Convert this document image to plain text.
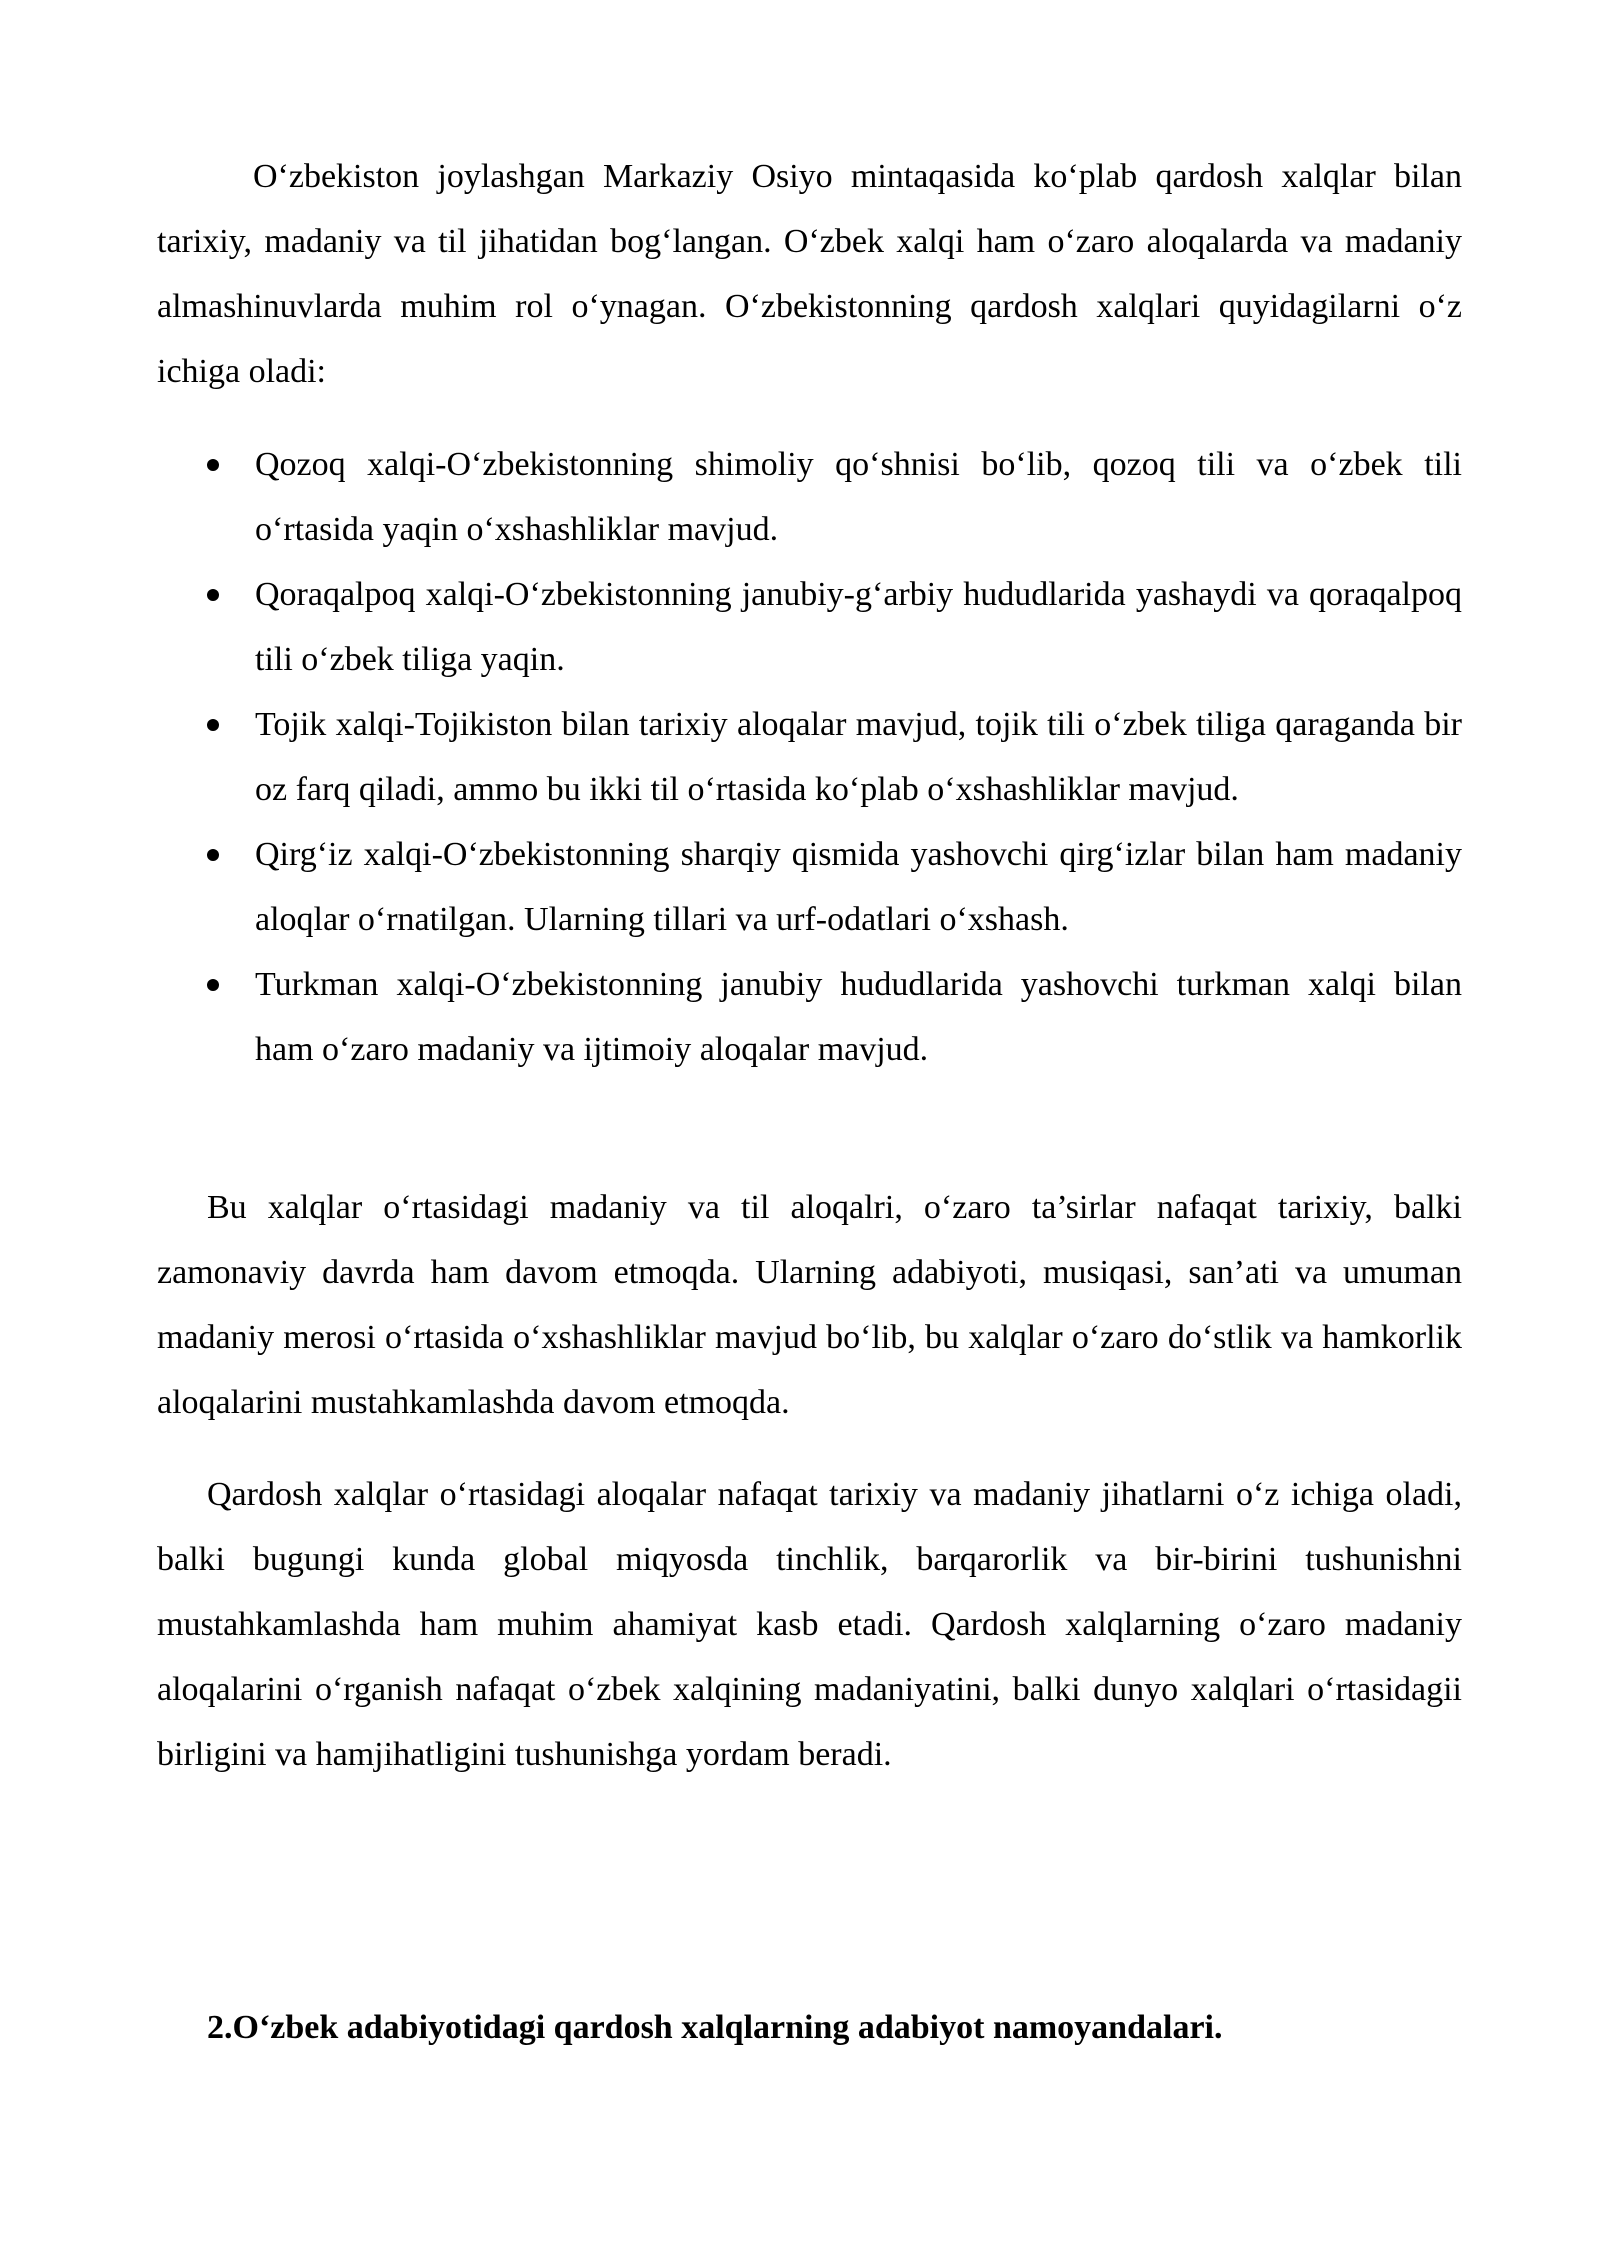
O‘zbekiston joylashgan Markaziy Osiyo mintaqasida ko‘plab qardosh xalqlar bilan tarixiy, madaniy va til jihatidan bog‘langan. O‘zbek xalqi ham o‘zaro aloqalarda va madaniy almashinuvlarda muhim rol o‘ynagan. O‘zbekistonning qardosh xalqlari quyidagilarni o‘z ichiga oladi:

Qozoq xalqi-O‘zbekistonning shimoliy qo‘shnisi bo‘lib, qozoq tili va o‘zbek tili o‘rtasida yaqin o‘xshashliklar mavjud.
Qoraqalpoq xalqi-O‘zbekistonning janubiy-g‘arbiy hududlarida yashaydi va qoraqalpoq tili o‘zbek tiliga yaqin.
Tojik xalqi-Tojikiston bilan tarixiy aloqalar mavjud, tojik tili o‘zbek tiliga qaraganda bir oz farq qiladi, ammo bu ikki til o‘rtasida ko‘plab o‘xshashliklar mavjud.
Qirg‘iz xalqi-O‘zbekistonning sharqiy qismida yashovchi qirg‘izlar bilan ham madaniy aloqlar o‘rnatilgan. Ularning tillari va urf-odatlari o‘xshash.
Turkman xalqi-O‘zbekistonning janubiy hududlarida yashovchi turkman xalqi bilan ham o‘zaro madaniy va ijtimoiy aloqalar mavjud.

Bu xalqlar o‘rtasidagi madaniy va til aloqalri, o‘zaro ta’sirlar nafaqat tarixiy, balki zamonaviy davrda ham davom etmoqda. Ularning adabiyoti, musiqasi, san’ati va umuman madaniy merosi o‘rtasida o‘xshashliklar mavjud bo‘lib, bu xalqlar o‘zaro do‘stlik va hamkorlik aloqalarini mustahkamlashda davom etmoqda.

Qardosh xalqlar o‘rtasidagi aloqalar nafaqat tarixiy va madaniy jihatlarni o‘z ichiga oladi, balki bugungi kunda global miqyosda tinchlik, barqarorlik va bir-birini tushunishni mustahkamlashda ham muhim ahamiyat kasb etadi. Qardosh xalqlarning o‘zaro madaniy aloqalarini o‘rganish nafaqat o‘zbek xalqining madaniyatini, balki dunyo xalqlari o‘rtasidagii birligini va hamjihatligini tushunishga yordam beradi.

2.O‘zbek adabiyotidagi qardosh xalqlarning adabiyot namoyandalari.
